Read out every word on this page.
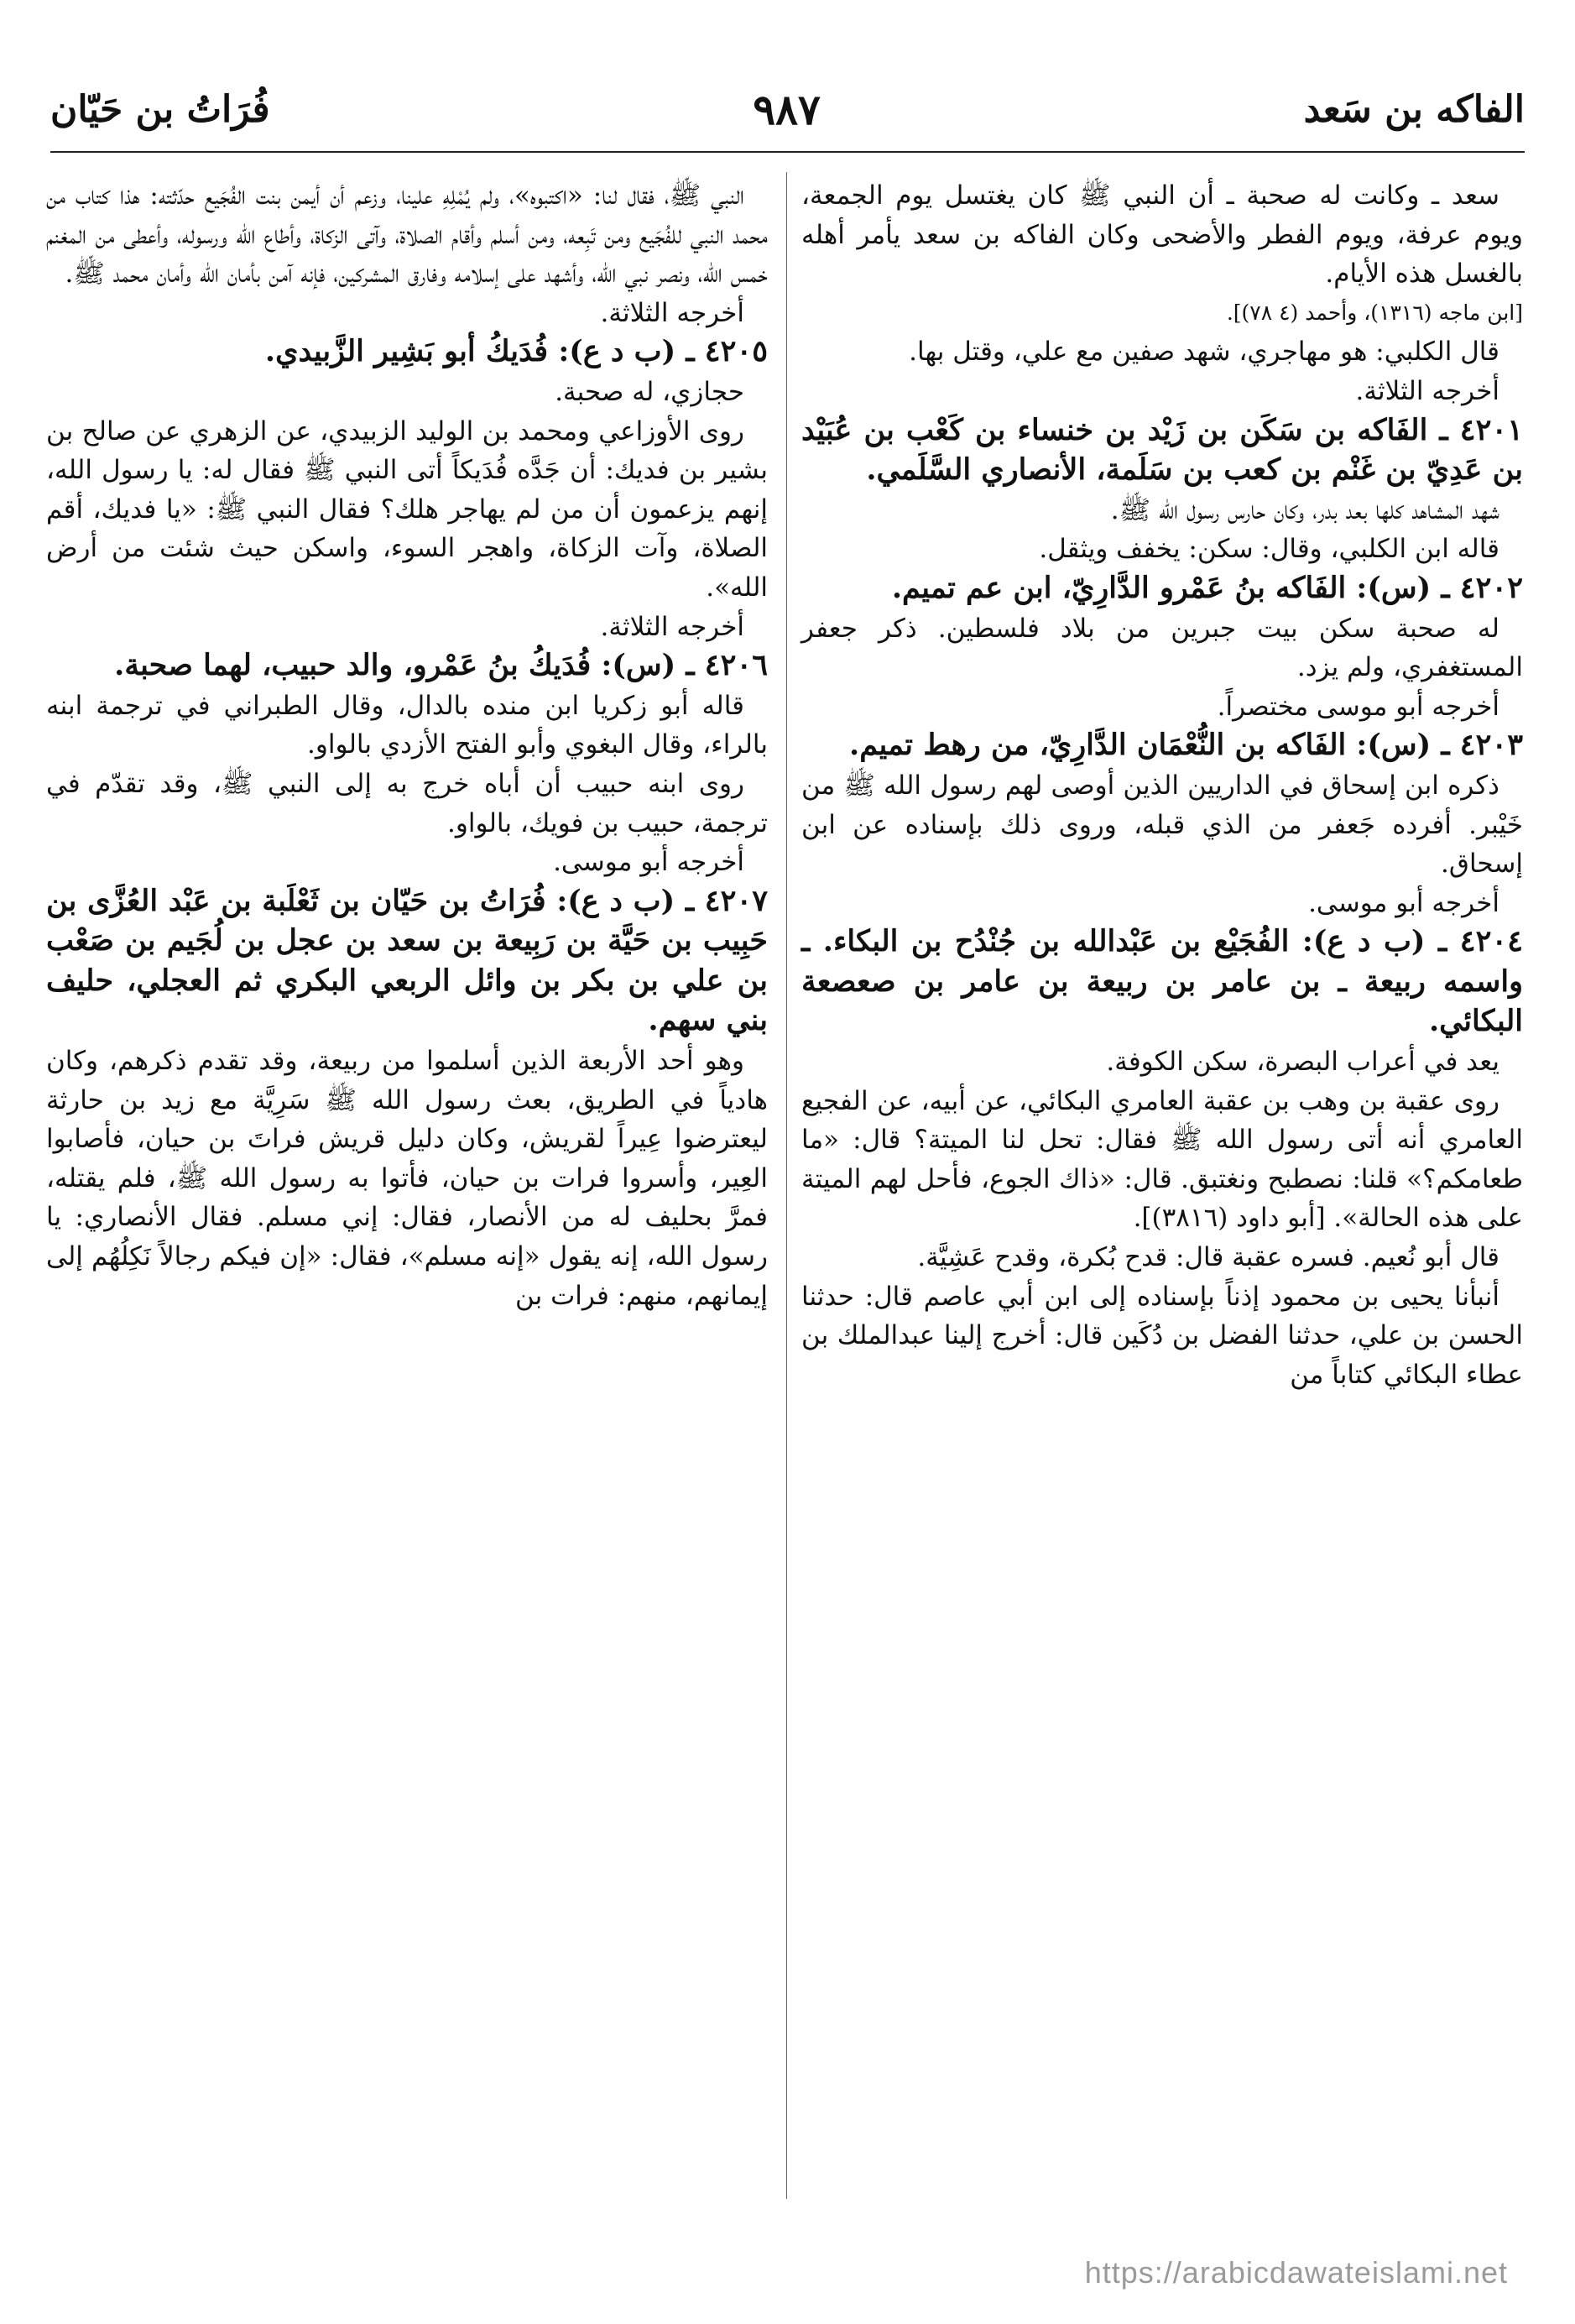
الفاكه بن سَعد
٩٨٧
فُرَاتُ بن حَيّان

سعد ـ وكانت له صحبة ـ أن النبي ﷺ كان يغتسل يوم الجمعة، ويوم عرفة، ويوم الفطر والأضحى وكان الفاكه بن سعد يأمر أهله بالغسل هذه الأيام.

[ابن ماجه (١٣١٦)، وأحمد (٤ ٧٨)].

قال الكلبي: هو مهاجري، شهد صفين مع علي، وقتل بها.

أخرجه الثلاثة.

٤٢٠١ ـ الفَاكه بن سَكَن بن زَيْد بن خنساء بن كَعْب بن عُبَيْد بن عَدِيّ بن غَنْم بن كعب بن سَلَمة، الأنصاري السَّلَمي.

شهد المشاهد كلها بعد بدر، وكان حارس رسول الله ﷺ.

قاله ابن الكلبي، وقال: سكن: يخفف ويثقل.

٤٢٠٢ ـ (س): الفَاكه بنُ عَمْرو الدَّارِيّ، ابن عم تميم.

له صحبة سكن بيت جبرين من بلاد فلسطين. ذكر جعفر المستغفري، ولم يزد.

أخرجه أبو موسى مختصراً.

٤٢٠٣ ـ (س): الفَاكه بن النُّعْمَان الدَّارِيّ، من رهط تميم.

ذكره ابن إسحاق في الداريين الذين أوصى لهم رسول الله ﷺ من خَيْبر. أفرده جَعفر من الذي قبله، وروى ذلك بإسناده عن ابن إسحاق.

أخرجه أبو موسى.

٤٢٠٤ ـ (ب د ع): الفُجَيْع بن عَبْدالله بن جُنْدُح بن البكاء. ـ واسمه ربيعة ـ بن عامر بن ربيعة بن عامر بن صعصعة البكائي.

يعد في أعراب البصرة، سكن الكوفة.

روى عقبة بن وهب بن عقبة العامري البكائي، عن أبيه، عن الفجيع العامري أنه أتى رسول الله ﷺ فقال: تحل لنا الميتة؟ قال: «ما طعامكم؟» قلنا: نصطبح ونغتبق. قال: «ذاك الجوع، فأحل لهم الميتة على هذه الحالة». [أبو داود (٣٨١٦)].

قال أبو نُعيم. فسره عقبة قال: قدح بُكرة، وقدح عَشِيَّة.

أنبأنا يحيى بن محمود إذناً بإسناده إلى ابن أبي عاصم قال: حدثنا الحسن بن علي، حدثنا الفضل بن دُكَين قال: أخرج إلينا عبدالملك بن عطاء البكائي كتاباً من

النبي ﷺ، فقال لنا: «اكتبوه»، ولم يُمْلِهِ علينا، وزعم أن أيمن بنت الفُجَيع حدّثته: هذا كتاب من محمد النبي للفُجَيع ومن تَبِعه، ومن أسلم وأقام الصلاة، وآتى الزكاة، وأطاع الله ورسوله، وأعطى من المغنم خمس الله، ونصر نبي الله، وأشهد على إسلامه وفارق المشركين، فإنه آمن بأمان الله وأمان محمد ﷺ.

أخرجه الثلاثة.

٤٢٠٥ ـ (ب د ع): فُدَيكُ أبو بَشِير الزَّبيدي.

حجازي، له صحبة.

روى الأوزاعي ومحمد بن الوليد الزبيدي، عن الزهري عن صالح بن بشير بن فديك: أن جَدَّه فُدَيكاً أتى النبي ﷺ فقال له: يا رسول الله، إنهم يزعمون أن من لم يهاجر هلك؟ فقال النبي ﷺ: «يا فديك، أقم الصلاة، وآت الزكاة، واهجر السوء، واسكن حيث شئت من أرض الله».

أخرجه الثلاثة.

٤٢٠٦ ـ (س): فُدَيكُ بنُ عَمْرو، والد حبيب، لهما صحبة.

قاله أبو زكريا ابن منده بالدال، وقال الطبراني في ترجمة ابنه بالراء، وقال البغوي وأبو الفتح الأزدي بالواو.

روى ابنه حبيب أن أباه خرج به إلى النبي ﷺ، وقد تقدّم في ترجمة، حبيب بن فويك، بالواو.

أخرجه أبو موسى.

٤٢٠٧ ـ (ب د ع): فُرَاتُ بن حَيّان بن ثَعْلَبة بن عَبْد العُزَّى بن حَبِيب بن حَيَّة بن رَبِيعة بن سعد بن عجل بن لُجَيم بن صَعْب بن علي بن بكر بن وائل الربعي البكري ثم العجلي، حليف بني سهم.

وهو أحد الأربعة الذين أسلموا من ربيعة، وقد تقدم ذكرهم، وكان هادياً في الطريق، بعث رسول الله ﷺ سَرِيَّة مع زيد بن حارثة ليعترضوا عِيراً لقريش، وكان دليل قريش فراتَ بن حيان، فأصابوا العِير، وأسروا فرات بن حيان، فأتوا به رسول الله ﷺ، فلم يقتله، فمرَّ بحليف له من الأنصار، فقال: إني مسلم. فقال الأنصاري: يا رسول الله، إنه يقول «إنه مسلم»، فقال: «إن فيكم رجالاً نَكِلُهُم إلى إيمانهم، منهم: فرات بن

https://arabicdawateislami.net
